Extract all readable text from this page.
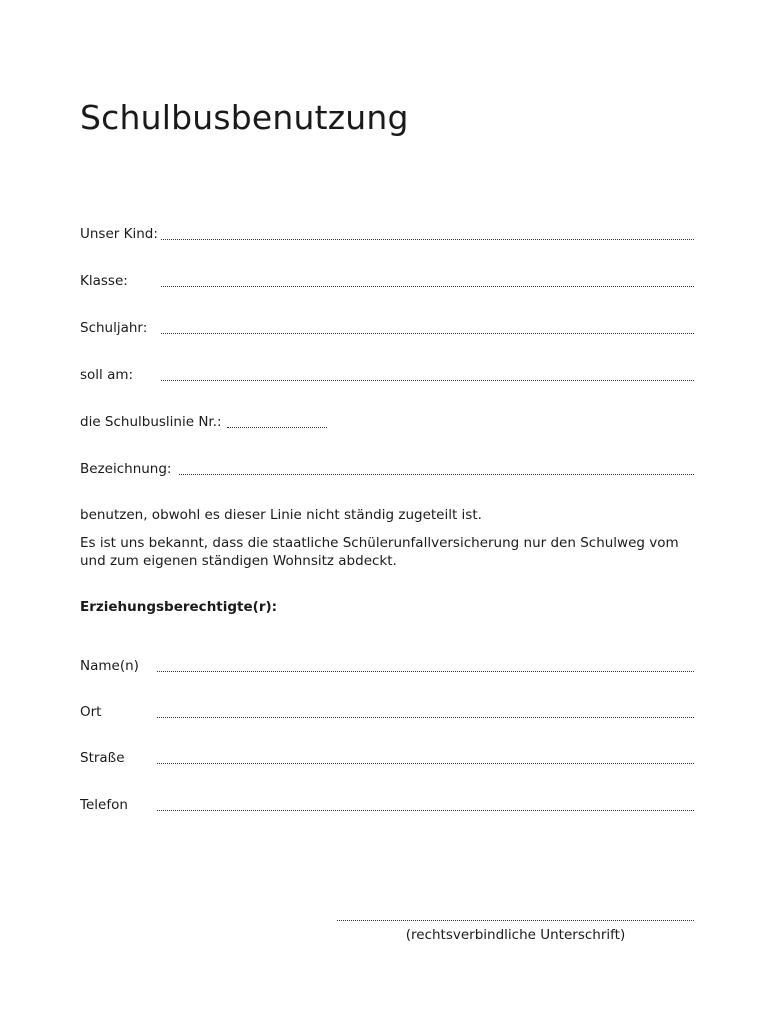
Schulbusbenutzung
Unser Kind:
Klasse:
Schuljahr:
soll am:
die Schulbuslinie Nr.:
Bezeichnung:

benutzen, obwohl es dieser Linie nicht ständig zugeteilt ist.

Es ist uns bekannt, dass die staatliche Schülerunfallversicherung nur den Schulweg vom

und zum eigenen ständigen Wohnsitz abdeckt.

Erziehungsberechtigte(r):

Name(n)
Ort
Straße
Telefon
(rechtsverbindliche Unterschrift)
